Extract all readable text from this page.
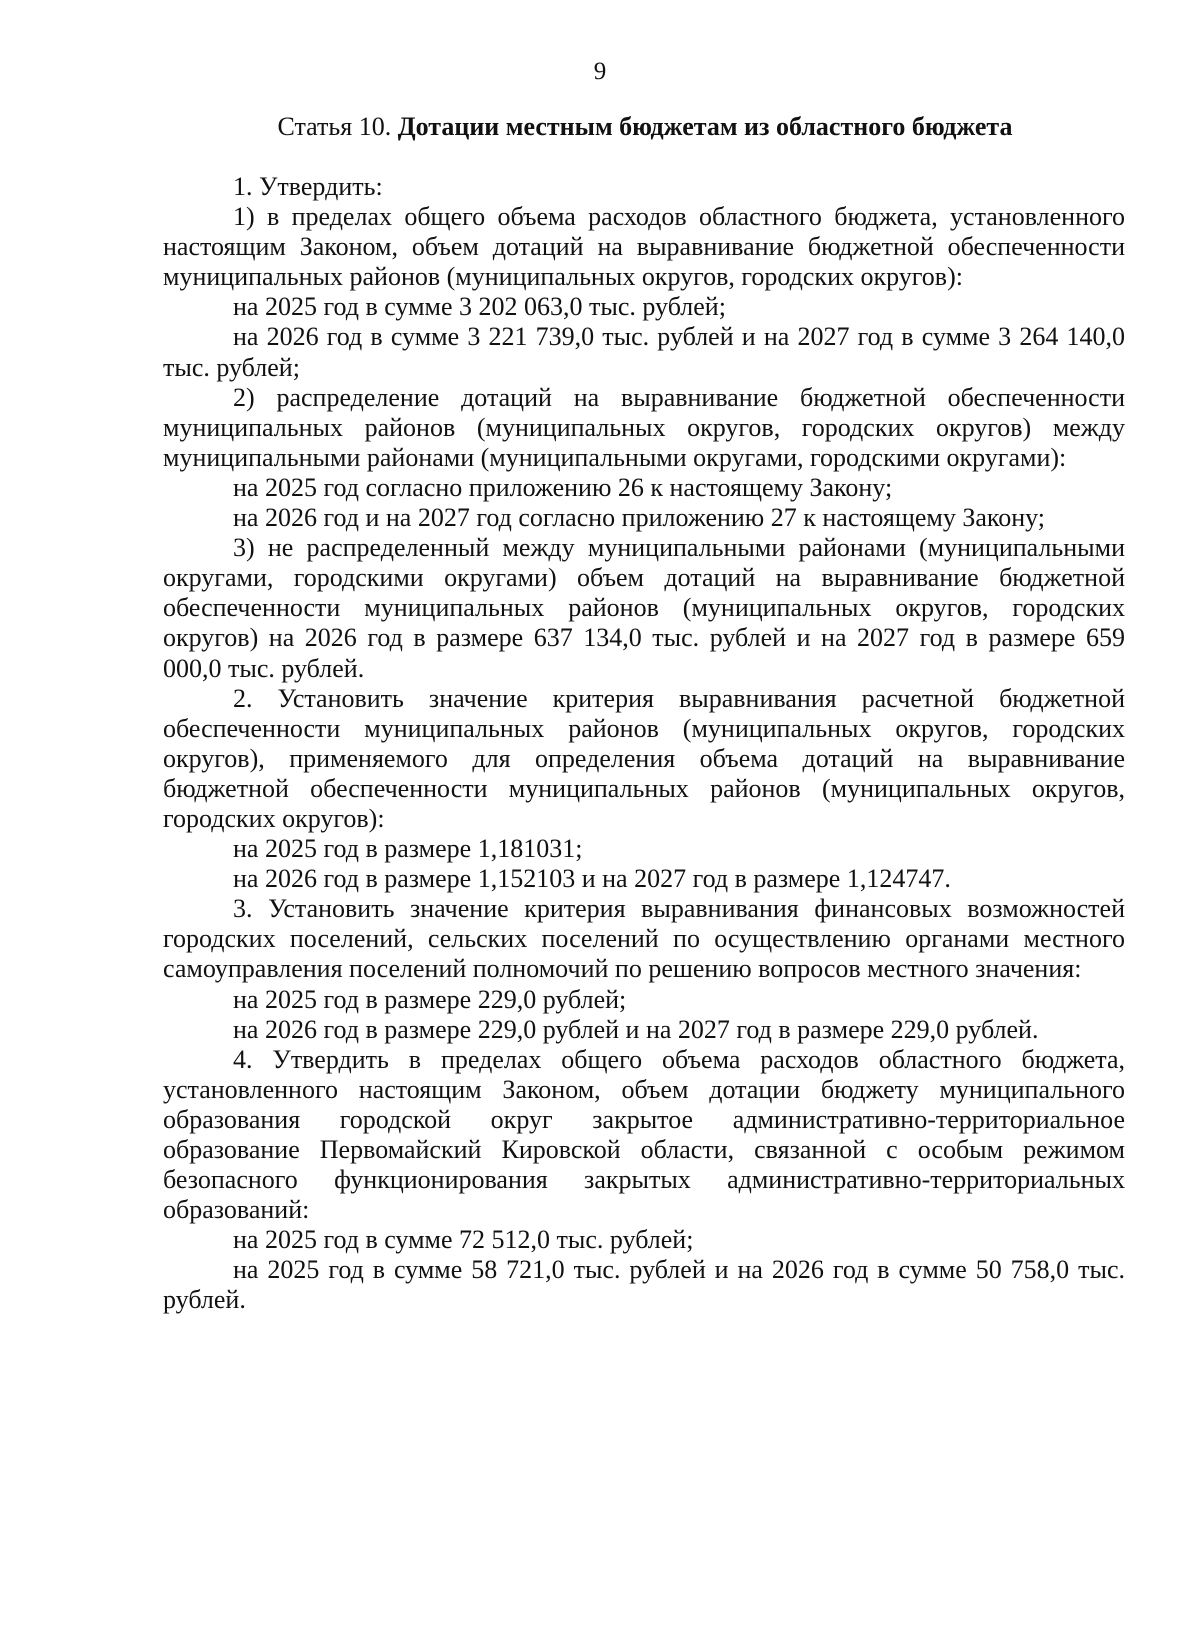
9
Статья 10. Дотации местным бюджетам из областного бюджета

1. Утвердить:

1) в пределах общего объема расходов областного бюджета, установленного настоящим Законом, объем дотаций на выравнивание бюджетной обеспеченности муниципальных районов (муниципальных округов, городских округов):

на 2025 год в сумме 3 202 063,0 тыс. рублей;

на 2026 год в сумме 3 221 739,0 тыс. рублей и на 2027 год в сумме 3 264 140,0 тыс. рублей;

2) распределение дотаций на выравнивание бюджетной обеспеченности муниципальных районов (муниципальных округов, городских округов) между муниципальными районами (муниципальными округами, городскими округами):

на 2025 год согласно приложению 26 к настоящему Закону;

на 2026 год и на 2027 год согласно приложению 27 к настоящему Закону;

3) не распределенный между муниципальными районами (муниципальными округами, городскими округами) объем дотаций на выравнивание бюджетной обеспеченности муниципальных районов (муниципальных округов, городских округов) на 2026 год в размере 637 134,0 тыс. рублей и на 2027 год в размере 659 000,0 тыс. рублей.

2. Установить значение критерия выравнивания расчетной бюджетной обеспеченности муниципальных районов (муниципальных округов, городских округов), применяемого для определения объема дотаций на выравнивание бюджетной обеспеченности муниципальных районов (муниципальных округов, городских округов):

на 2025 год в размере 1,181031;

на 2026 год в размере 1,152103 и на 2027 год в размере 1,124747.

3. Установить значение критерия выравнивания финансовых возможностей городских поселений, сельских поселений по осуществлению органами местного самоуправления поселений полномочий по решению вопросов местного значения:

на 2025 год в размере 229,0 рублей;

на 2026 год в размере 229,0 рублей и на 2027 год в размере 229,0 рублей.

4. Утвердить в пределах общего объема расходов областного бюджета, установленного настоящим Законом, объем дотации бюджету муниципального образования городской округ закрытое административно-территориальное образование Первомайский Кировской области, связанной с особым режимом безопасного функционирования закрытых административно-территориальных образований:

на 2025 год в сумме 72 512,0 тыс. рублей;

на 2025 год в сумме 58 721,0 тыс. рублей и на 2026 год в сумме 50 758,0 тыс. рублей.
